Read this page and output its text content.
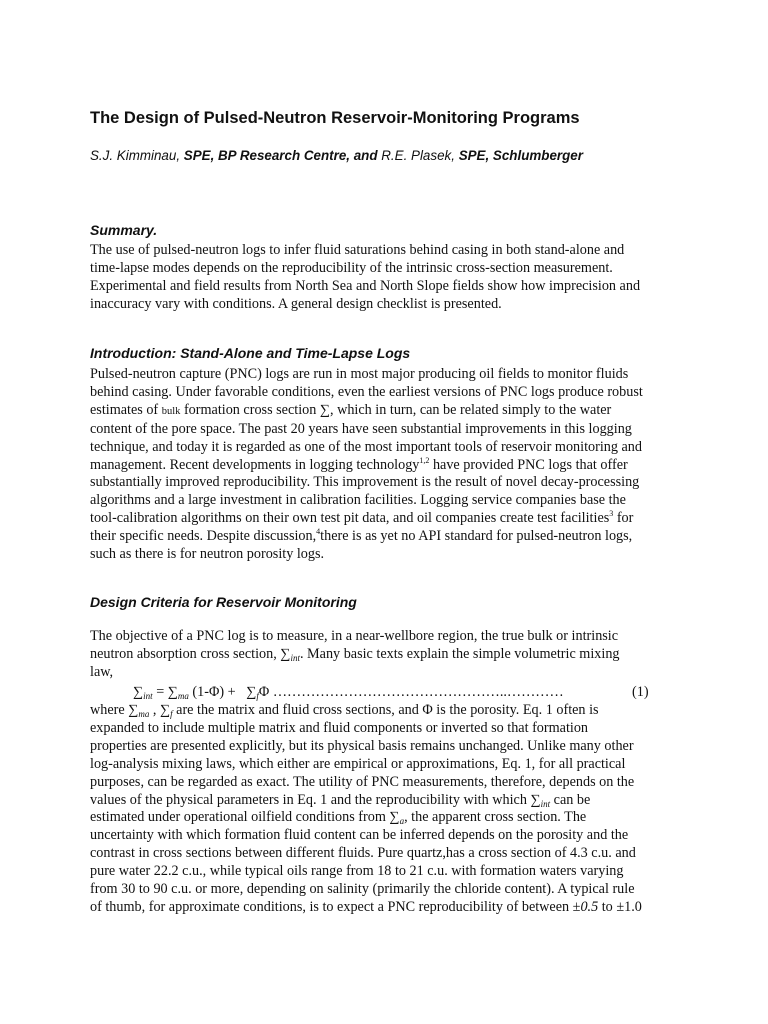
The Design of Pulsed-Neutron Reservoir-Monitoring Programs
S.J. Kimminau, SPE, BP Research Centre, and R.E. Plasek, SPE, Schlumberger
Summary.
The use of pulsed-neutron logs to infer fluid saturations behind casing in both stand-alone and
time-lapse modes depends on the reproducibility of the intrinsic cross-section measurement.
Experimental and field results from North Sea and North Slope fields show how imprecision and
inaccuracy vary with conditions. A general design checklist is presented.
Introduction: Stand-Alone and Time-Lapse Logs
Pulsed-neutron capture (PNC) logs are run in most major producing oil fields to monitor fluids
behind casing. Under favorable conditions, even the earliest versions of PNC logs produce robust
estimates of bulk formation cross section ∑, which in turn, can be related simply to the water
content of the pore space. The past 20 years have seen substantial improvements in this logging
technique, and today it is regarded as one of the most important tools of reservoir monitoring and
management. Recent developments in logging technology$^{1,2}$ have provided PNC logs that offer
substantially improved reproducibility. This improvement is the result of novel decay-processing
algorithms and a large investment in calibration facilities. Logging service companies base the
tool-calibration algorithms on their own test pit data, and oil companies create test facilities$^3$ for
their specific needs. Despite discussion,$^4$there is as yet no API standard for pulsed-neutron logs,
such as there is for neutron porosity logs.
Design Criteria for Reservoir Monitoring
The objective of a PNC log is to measure, in a near-wellbore region, the true bulk or intrinsic
neutron absorption cross section, $\sum_{int}$. Many basic texts explain the simple volumetric mixing
law,
$\sum_{int} = \sum_{ma}$ $(1-\Phi) + \sum_f\Phi$ …………………………………………..…………	(1)
where $\sum_{ma}$ , $\sum_f$ are the matrix and fluid cross sections, and Φ is the porosity. Eq. 1 often is
expanded to include multiple matrix and fluid components or inverted so that formation
properties are presented explicitly, but its physical basis remains unchanged. Unlike many other
log-analysis mixing laws, which either are empirical or approximations, Eq. 1, for all practical
purposes, can be regarded as exact. The utility of PNC measurements, therefore, depends on the
values of the physical parameters in Eq. 1 and the reproducibility with which $\sum_{int}$ can be
estimated under operational oilfield conditions from $\sum_a$, the apparent cross section. The
uncertainty with which formation fluid content can be inferred depends on the porosity and the
contrast in cross sections between different fluids. Pure quartz,has a cross section of 4.3 c.u. and
pure water 22.2 c.u., while typical oils range from 18 to 21 c.u. with formation waters varying
from 30 to 90 c.u. or more, depending on salinity (primarily the chloride content). A typical rule
of thumb, for approximate conditions, is to expect a PNC reproducibility of between ±0.5 to ±1.0
